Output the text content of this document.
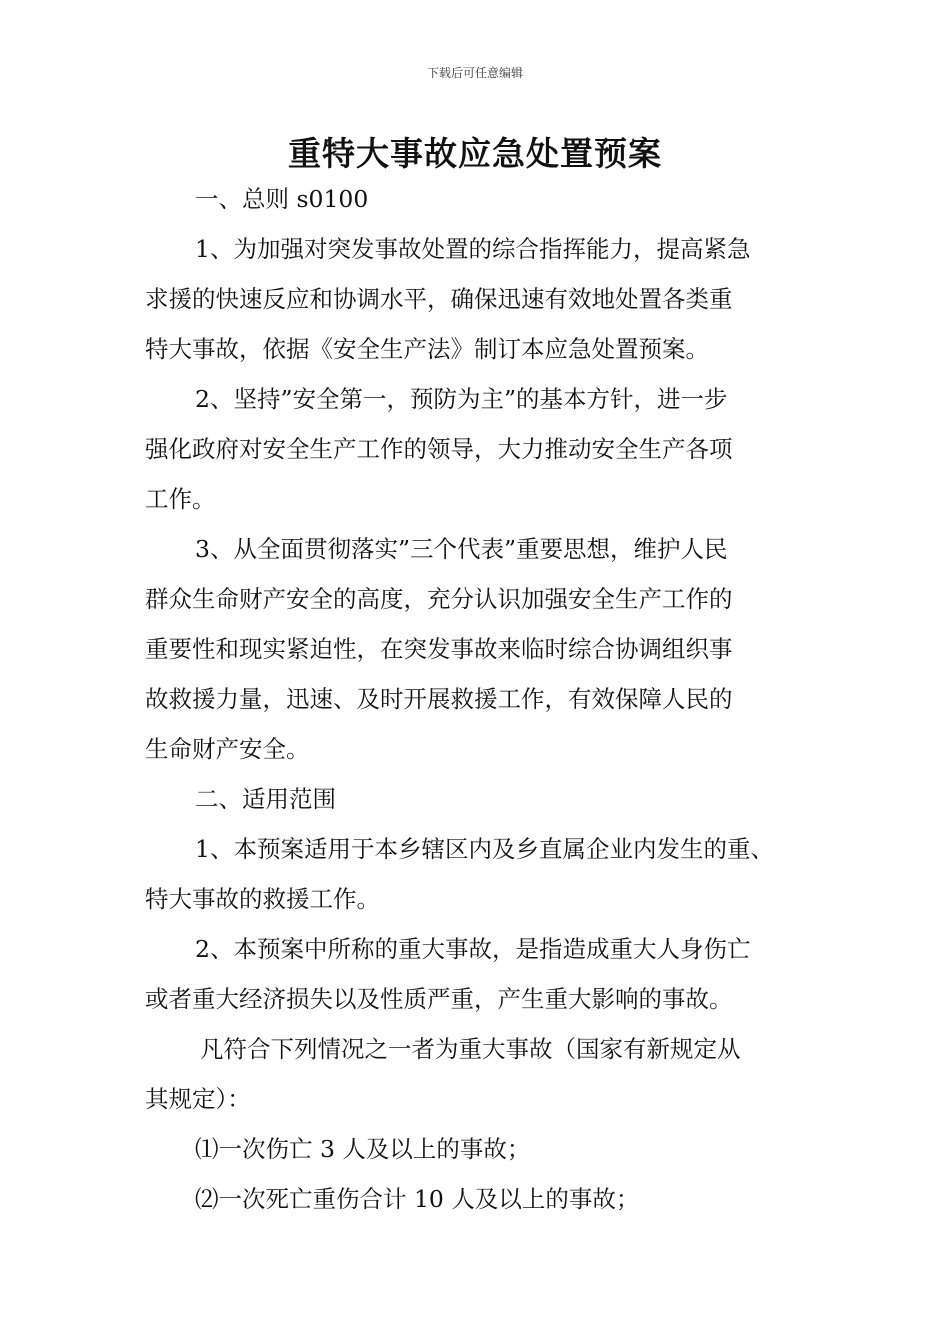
下载后可任意编辑
重特大事故应急处置预案
一、总则 s0100
1、为加强对突发事故处置的综合指挥能力，提高紧急
求援的快速反应和协调水平，确保迅速有效地处置各类重
特大事故，依据《安全生产法》制订本应急处置预案。
2、坚持”安全第一，预防为主”的基本方针，进一步
强化政府对安全生产工作的领导，大力推动安全生产各项
工作。
3、从全面贯彻落实”三个代表”重要思想，维护人民
群众生命财产安全的高度，充分认识加强安全生产工作的
重要性和现实紧迫性，在突发事故来临时综合协调组织事
故救援力量，迅速、及时开展救援工作，有效保障人民的
生命财产安全。
二、适用范围
1、本预案适用于本乡辖区内及乡直属企业内发生的重、
特大事故的救援工作。
2、本预案中所称的重大事故，是指造成重大人身伤亡
或者重大经济损失以及性质严重，产生重大影响的事故。
凡符合下列情况之一者为重大事故（国家有新规定从
其规定）：
⑴一次伤亡 3 人及以上的事故；
⑵一次死亡重伤合计 10 人及以上的事故；
